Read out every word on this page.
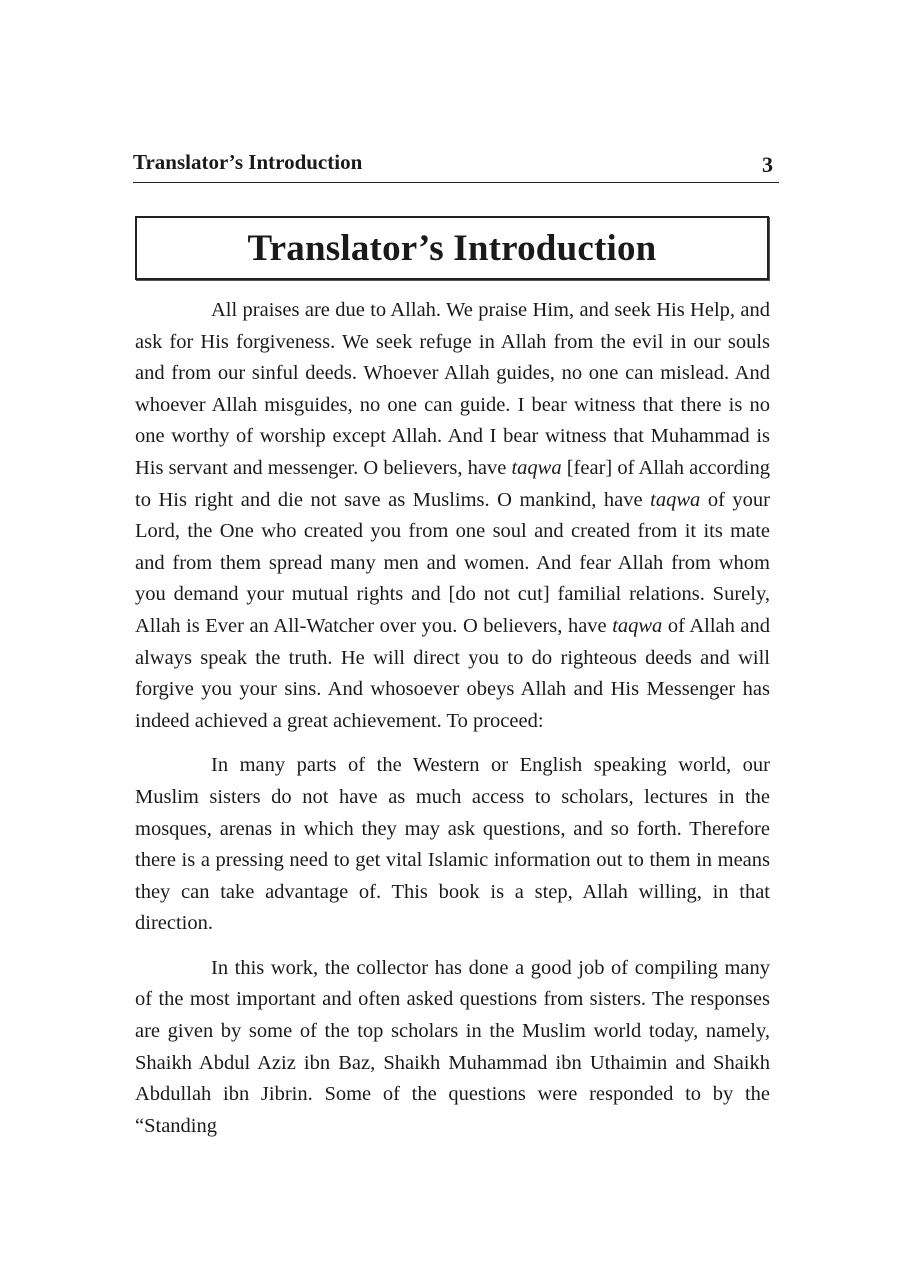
Translator’s Introduction	3
Translator’s Introduction

All praises are due to Allah. We praise Him, and seek His Help, and ask for His forgiveness. We seek refuge in Allah from the evil in our souls and from our sinful deeds. Whoever Allah guides, no one can mislead. And whoever Allah misguides, no one can guide. I bear witness that there is no one worthy of worship except Allah. And I bear witness that Muhammad is His servant and messenger. O believers, have taqwa [fear] of Allah according to His right and die not save as Muslims. O mankind, have taqwa of your Lord, the One who created you from one soul and created from it its mate and from them spread many men and women. And fear Allah from whom you demand your mutual rights and [do not cut] familial relations. Surely, Allah is Ever an All-Watcher over you. O believers, have taqwa of Allah and always speak the truth. He will direct you to do righteous deeds and will forgive you your sins. And whosoever obeys Allah and His Messenger has indeed achieved a great achievement. To proceed:

In many parts of the Western or English speaking world, our Muslim sisters do not have as much access to scholars, lectures in the mosques, arenas in which they may ask questions, and so forth. Therefore there is a pressing need to get vital Islamic information out to them in means they can take advantage of. This book is a step, Allah willing, in that direction.

In this work, the collector has done a good job of compiling many of the most important and often asked questions from sisters. The responses are given by some of the top scholars in the Muslim world today, namely, Shaikh Abdul Aziz ibn Baz, Shaikh Muhammad ibn Uthaimin and Shaikh Abdullah ibn Jibrin. Some of the questions were responded to by the “Standing
